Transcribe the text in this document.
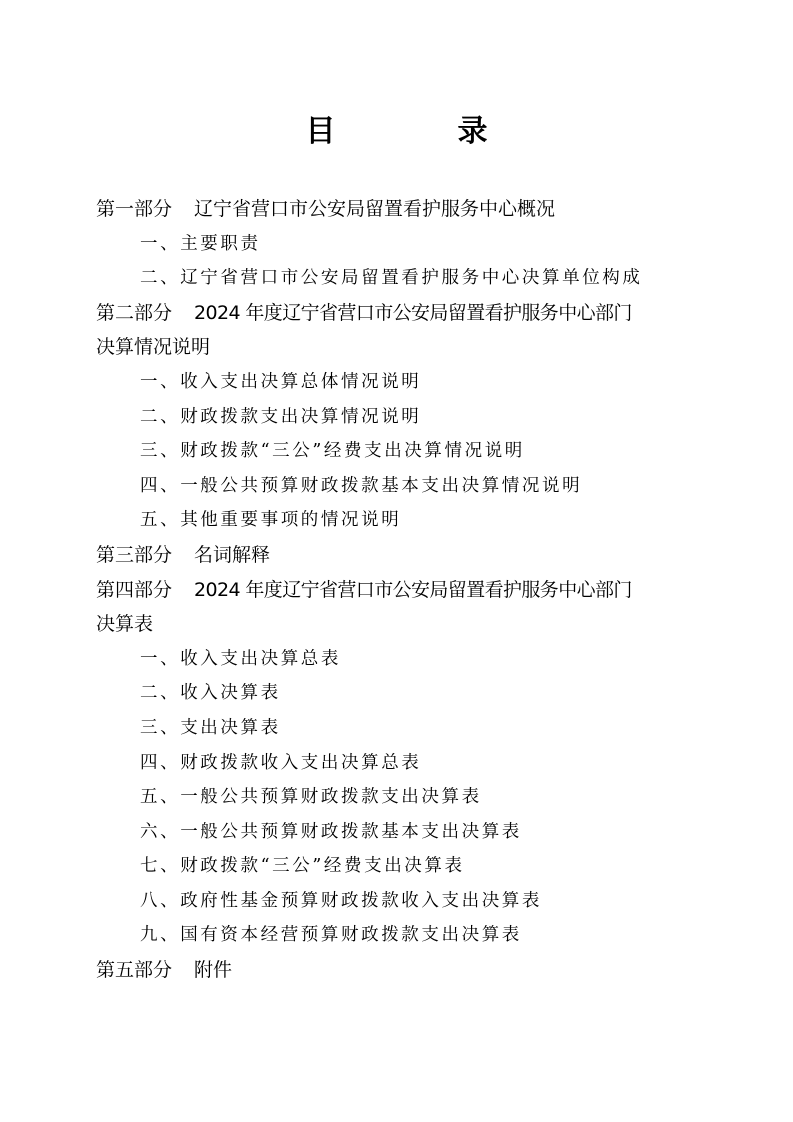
目　录
第一部分 辽宁省营口市公安局留置看护服务中心概况
一、主要职责
二、辽宁省营口市公安局留置看护服务中心决算单位构成
第二部分 2024 年度辽宁省营口市公安局留置看护服务中心部门
决算情况说明
一、收入支出决算总体情况说明
二、财政拨款支出决算情况说明
三、财政拨款“三公”经费支出决算情况说明
四、一般公共预算财政拨款基本支出决算情况说明
五、其他重要事项的情况说明
第三部分 名词解释
第四部分 2024 年度辽宁省营口市公安局留置看护服务中心部门
决算表
一、收入支出决算总表
二、收入决算表
三、支出决算表
四、财政拨款收入支出决算总表
五、一般公共预算财政拨款支出决算表
六、一般公共预算财政拨款基本支出决算表
七、财政拨款“三公”经费支出决算表
八、政府性基金预算财政拨款收入支出决算表
九、国有资本经营预算财政拨款支出决算表
第五部分 附件
